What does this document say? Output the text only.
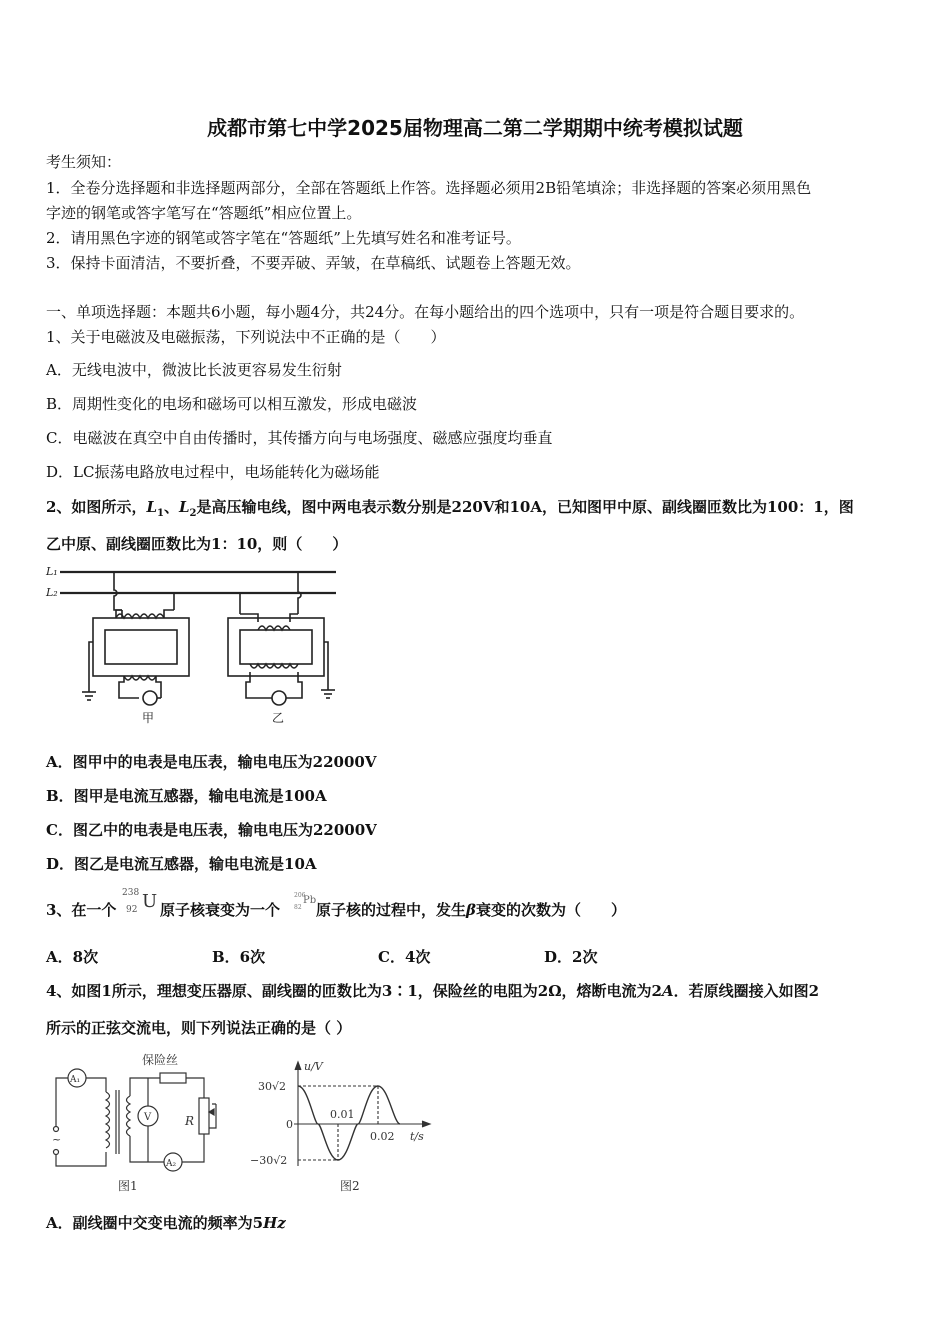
成都市第七中学2025届物理高二第二学期期中统考模拟试题
考生须知：
1．全卷分选择题和非选择题两部分，全部在答题纸上作答。选择题必须用2B铅笔填涂；非选择题的答案必须用黑色
字迹的钢笔或答字笔写在“答题纸”相应位置上。
2．请用黑色字迹的钢笔或答字笔在“答题纸”上先填写姓名和准考证号。
3．保持卡面清洁，不要折叠，不要弄破、弄皱，在草稿纸、试题卷上答题无效。
一、单项选择题：本题共6小题，每小题4分，共24分。在每小题给出的四个选项中，只有一项是符合题目要求的。
1、关于电磁波及电磁振荡，下列说法中不正确的是（　　）
A．无线电波中，微波比长波更容易发生衍射
B．周期性变化的电场和磁场可以相互激发，形成电磁波
C．电磁波在真空中自由传播时，其传播方向与电场强度、磁感应强度均垂直
D．LC振荡电路放电过程中，电场能转化为磁场能
2、如图所示，$L_1$、$L_2$是高压输电线，图中两电表示数分别是220V和10A，已知图甲中原、副线圈匝数比为100：1，图
乙中原、副线圈匝数比为1：10，则（　　）
L₁
L₂
甲	乙
A．图甲中的电表是电压表，输电电压为22000V
B．图甲是电流互感器，输电电流是100A
C．图乙中的电表是电压表，输电电压为22000V
D．图乙是电流互感器，输电电流是10A
3、在一个
238
92 U 原子核衰变为一个
206
82
Pb
原子核的过程中，发生β衰变的次数为（　　）
A．8次	B．6次	C．4次	D．2次
4、如图1所示，理想变压器原、副线圈的匝数比为3∶1，保险丝的电阻为2Ω，熔断电流为2A．若原线圈接入如图2
所示的正弦交流电，则下列说法正确的是（ ）
保险丝
A₁
~
A₂
R
V
图1
u/V
t/s
30√2
0
−30√2
0.01
0.02
图2
A．副线圈中交变电流的频率为5Hz
